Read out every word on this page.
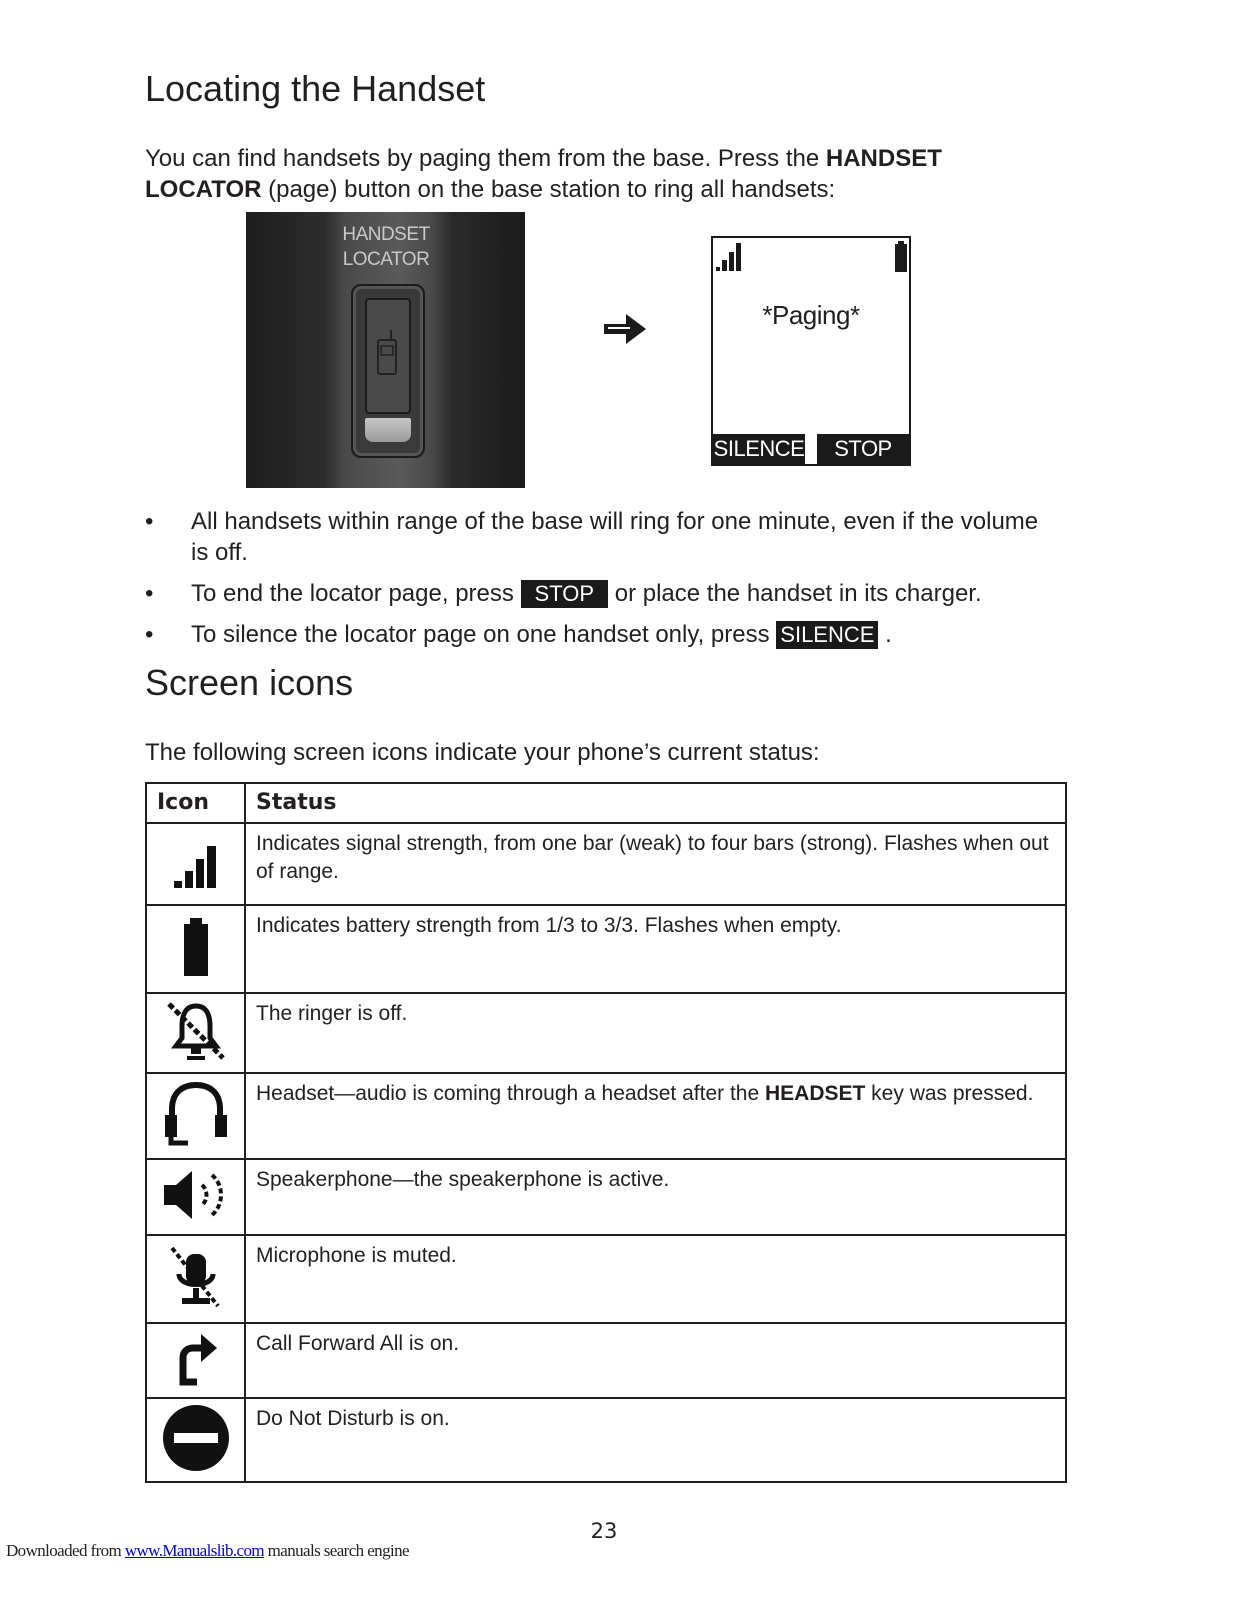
Locating the Handset
You can find handsets by paging them from the base. Press the HANDSET LOCATOR (page) button on the base station to ring all handsets:
HANDSET
LOCATOR
*Paging*
SILENCE	STOP
• All handsets within range of the base will ring for one minute, even if the volume is off.
• To end the locator page, press STOP or place the handset in its charger.
• To silence the locator page on one handset only, press SILENCE .
Screen icons
The following screen icons indicate your phone’s current status:
Icon	Status
	Indicates signal strength, from one bar (weak) to four bars (strong). Flashes when out of range.
	Indicates battery strength from 1/3 to 3/3. Flashes when empty.
	The ringer is off.
	Headset—audio is coming through a headset after the HEADSET key was pressed.
	Speakerphone—the speakerphone is active.
	Microphone is muted.
	Call Forward All is on.
	Do Not Disturb is on.
23
Downloaded from www.Manualslib.com manuals search engine
